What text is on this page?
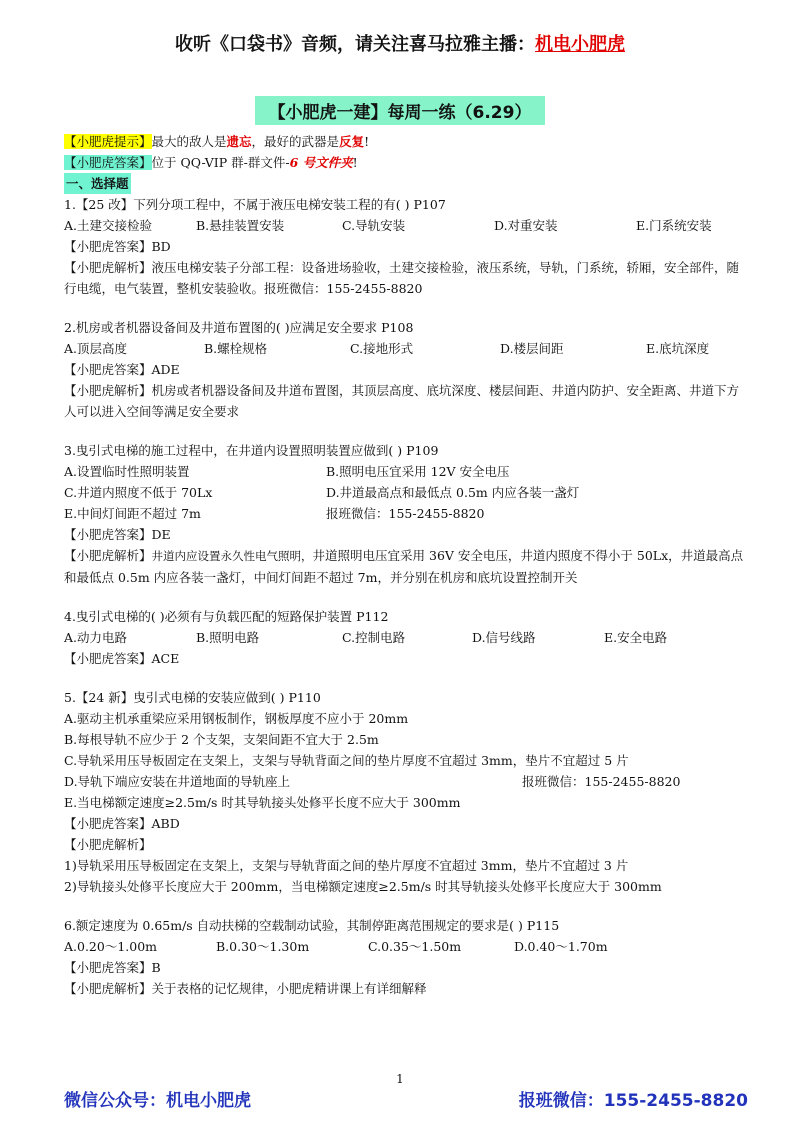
收听《口袋书》音频，请关注喜马拉雅主播：机电小肥虎
【小肥虎一建】每周一练（6.29）
【小肥虎提示】最大的敌人是遗忘，最好的武器是反复!
【小肥虎答案】位于 QQ-VIP 群-群文件-6 号文件夹!
一、选择题
1.【25 改】下列分项工程中，不属于液压电梯安装工程的有( ) P107
A.土建交接检验	B.悬挂装置安装	C.导轨安装	D.对重安装	E.门系统安装
【小肥虎答案】BD
【小肥虎解析】液压电梯安装子分部工程：设备进场验收，土建交接检验，液压系统，导轨，门系统，轿厢，安全部件，随行电缆，电气装置，整机安装验收。报班微信：155-2455-8820
2.机房或者机器设备间及井道布置图的( )应满足安全要求 P108
A.顶层高度	B.螺栓规格	C.接地形式	D.楼层间距	E.底坑深度
【小肥虎答案】ADE
【小肥虎解析】机房或者机器设备间及井道布置图，其顶层高度、底坑深度、楼层间距、井道内防护、安全距离、井道下方人可以进入空间等满足安全要求
3.曳引式电梯的施工过程中，在井道内设置照明装置应做到( ) P109
A.设置临时性照明装置	B.照明电压宜采用 12V 安全电压
C.井道内照度不低于 70Lx	D.井道最高点和最低点 0.5m 内应各装一盏灯
E.中间灯间距不超过 7m	报班微信：155-2455-8820
【小肥虎答案】DE
【小肥虎解析】井道内应设置永久性电气照明，井道照明电压宜采用 36V 安全电压，井道内照度不得小于 50Lx，井道最高点和最低点 0.5m 内应各装一盏灯，中间灯间距不超过 7m，并分别在机房和底坑设置控制开关
4.曳引式电梯的( )必须有与负载匹配的短路保护装置 P112
A.动力电路	B.照明电路	C.控制电路	D.信号线路	E.安全电路
【小肥虎答案】ACE
5.【24 新】曳引式电梯的安装应做到( ) P110
A.驱动主机承重梁应采用钢板制作，钢板厚度不应小于 20mm
B.每根导轨不应少于 2 个支架，支架间距不宜大于 2.5m
C.导轨采用压导板固定在支架上，支架与导轨背面之间的垫片厚度不宜超过 3mm，垫片不宜超过 5 片
D.导轨下端应安装在井道地面的导轨座上	报班微信：155-2455-8820
E.当电梯额定速度≥2.5m/s 时其导轨接头处修平长度不应大于 300mm
【小肥虎答案】ABD
【小肥虎解析】
1)导轨采用压导板固定在支架上，支架与导轨背面之间的垫片厚度不宜超过 3mm，垫片不宜超过 3 片
2)导轨接头处修平长度应大于 200mm，当电梯额定速度≥2.5m/s 时其导轨接头处修平长度应大于 300mm
6.额定速度为 0.65m/s 自动扶梯的空载制动试验，其制停距离范围规定的要求是( ) P115
A.0.20～1.00m	B.0.30～1.30m	C.0.35～1.50m	D.0.40～1.70m
【小肥虎答案】B
【小肥虎解析】关于表格的记忆规律，小肥虎精讲课上有详细解释
1
微信公众号：机电小肥虎	报班微信：155-2455-8820
